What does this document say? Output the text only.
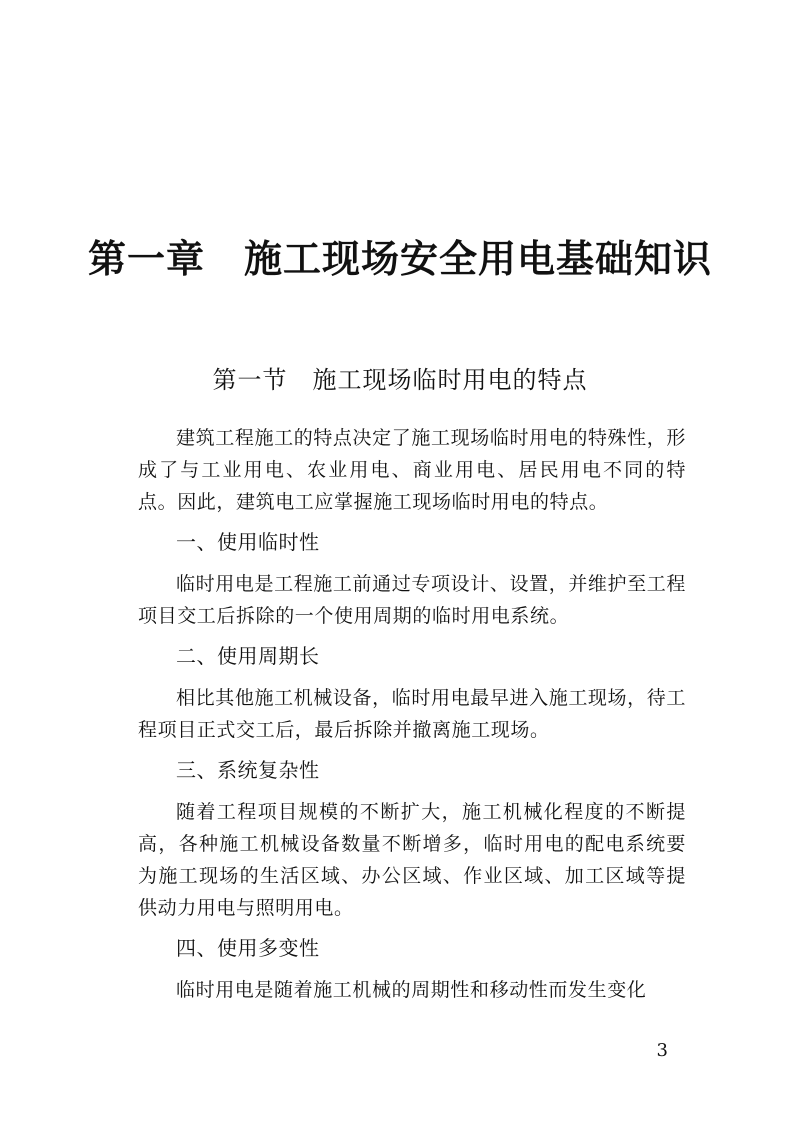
第一章　施工现场安全用电基础知识
第一节　施工现场临时用电的特点

建筑工程施工的特点决定了施工现场临时用电的特殊性，形成了与工业用电、农业用电、商业用电、居民用电不同的特点。因此，建筑电工应掌握施工现场临时用电的特点。

一、使用临时性

临时用电是工程施工前通过专项设计、设置，并维护至工程项目交工后拆除的一个使用周期的临时用电系统。

二、使用周期长

相比其他施工机械设备，临时用电最早进入施工现场，待工程项目正式交工后，最后拆除并撤离施工现场。

三、系统复杂性

随着工程项目规模的不断扩大，施工机械化程度的不断提高，各种施工机械设备数量不断增多，临时用电的配电系统要为施工现场的生活区域、办公区域、作业区域、加工区域等提供动力用电与照明用电。

四、使用多变性

临时用电是随着施工机械的周期性和移动性而发生变化

3
